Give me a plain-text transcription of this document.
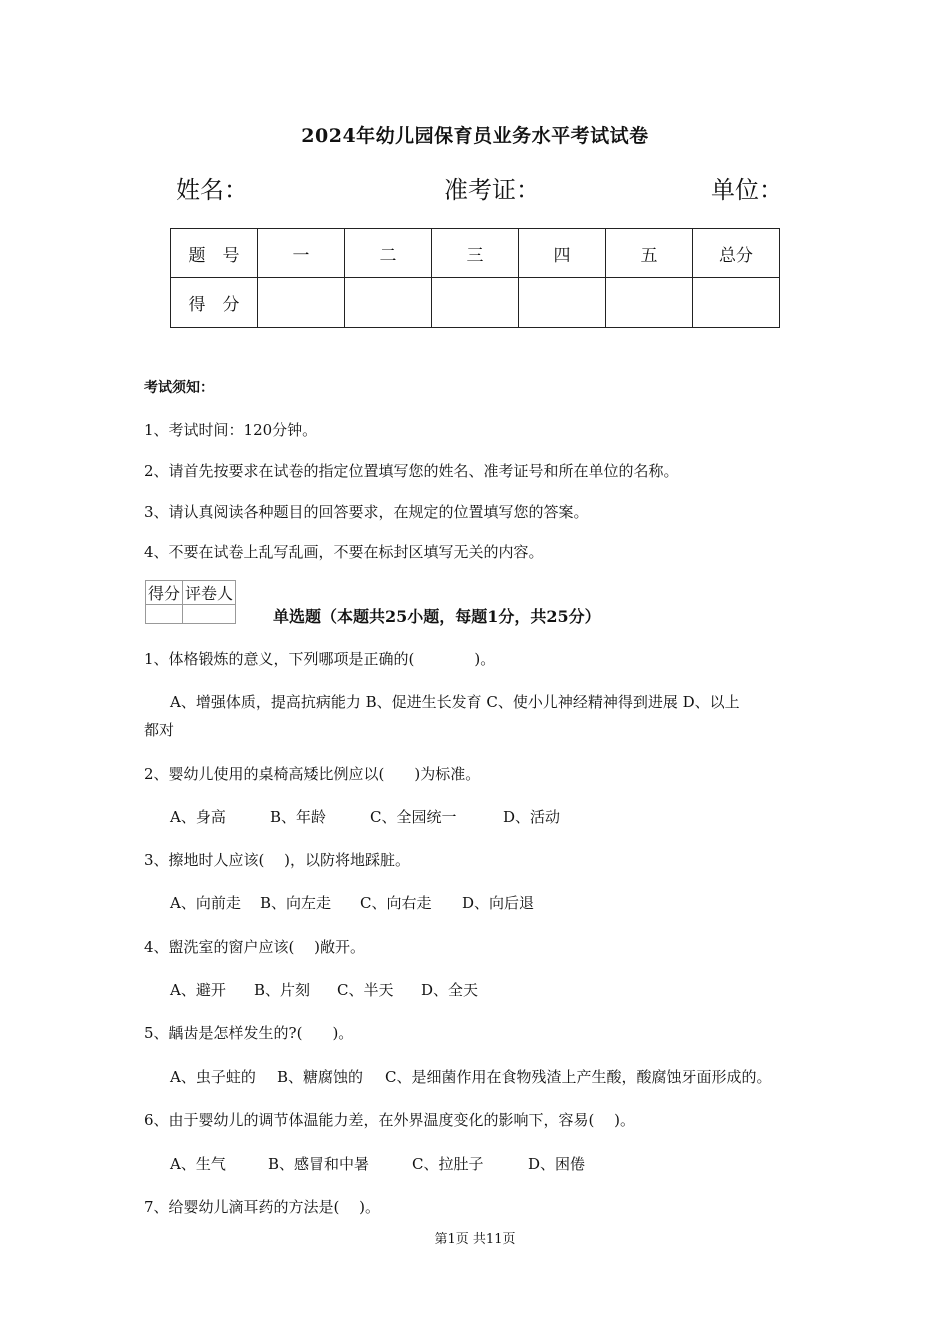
2024年幼儿园保育员业务水平考试试卷
姓名：	准考证：	单位：
题　号	一	二	三	四	五	总分
得　分						
考试须知：
1、考试时间：120分钟。
2、请首先按要求在试卷的指定位置填写您的姓名、准考证号和所在单位的名称。
3、请认真阅读各种题目的回答要求，在规定的位置填写您的答案。
4、不要在试卷上乱写乱画，不要在标封区填写无关的内容。
得分	评卷人

单选题（本题共25小题，每题1分，共25分）
1、体格锻炼的意义，下列哪项是正确的(　　　　)。
A、增强体质，提高抗病能力 B、促进生长发育 C、使小儿神经精神得到进展 D、以上
都对
2、婴幼儿使用的桌椅高矮比例应以(　　)为标准。
A、身高	B、年龄	C、全园统一	D、活动
3、擦地时人应该(　 )，以防将地踩脏。
A、向前走 B、向左走 C、向右走 D、向后退
4、盥洗室的窗户应该(　 )敞开。
A、避开 B、片刻 C、半天 D、全天
5、龋齿是怎样发生的?(　　)。
A、虫子蛀的 B、糖腐蚀的 C、是细菌作用在食物残渣上产生酸，酸腐蚀牙面形成的。
6、由于婴幼儿的调节体温能力差，在外界温度变化的影响下，容易(　 )。
A、生气	B、感冒和中暑	C、拉肚子	D、困倦
7、给婴幼儿滴耳药的方法是(　 )。
第1页 共11页
